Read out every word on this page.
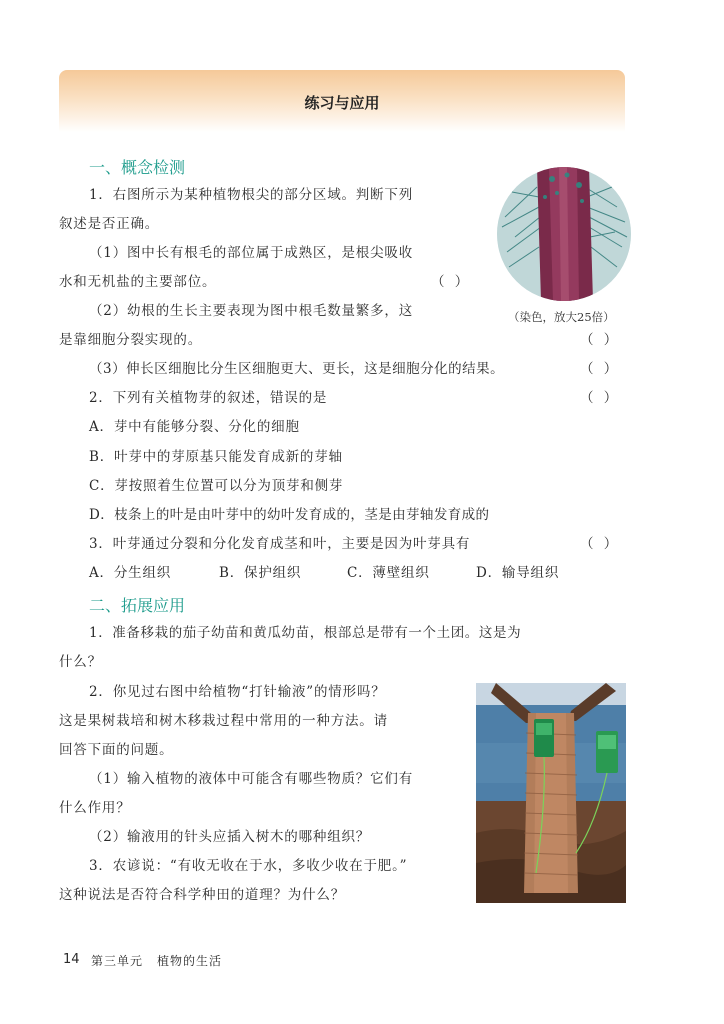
练习与应用
一、概念检测
1．右图所示为某种植物根尖的部分区域。判断下列
叙述是否正确。
（1）图中长有根毛的部位属于成熟区，是根尖吸收
水和无机盐的主要部位。	（ ）
（2）幼根的生长主要表现为图中根毛数量繁多，这
是靠细胞分裂实现的。	（ ）
（3）伸长区细胞比分生区细胞更大、更长，这是细胞分化的结果。	（ ）
（染色，放大25倍）
2．下列有关植物芽的叙述，错误的是	（ ）
A．芽中有能够分裂、分化的细胞
B．叶芽中的芽原基只能发育成新的芽轴
C．芽按照着生位置可以分为顶芽和侧芽
D．枝条上的叶是由叶芽中的幼叶发育成的，茎是由芽轴发育成的
3．叶芽通过分裂和分化发育成茎和叶，主要是因为叶芽具有	（ ）
A．分生组织	B．保护组织	C．薄壁组织	D．输导组织
二、拓展应用
1．准备移栽的茄子幼苗和黄瓜幼苗，根部总是带有一个土团。这是为
什么？
2．你见过右图中给植物“打针输液”的情形吗？
这是果树栽培和树木移栽过程中常用的一种方法。请
回答下面的问题。
（1）输入植物的液体中可能含有哪些物质？它们有
什么作用？
（2）输液用的针头应插入树木的哪种组织？
3．农谚说：“有收无收在于水，多收少收在于肥。”
这种说法是否符合科学种田的道理？为什么？
14 第三单元 植物的生活
